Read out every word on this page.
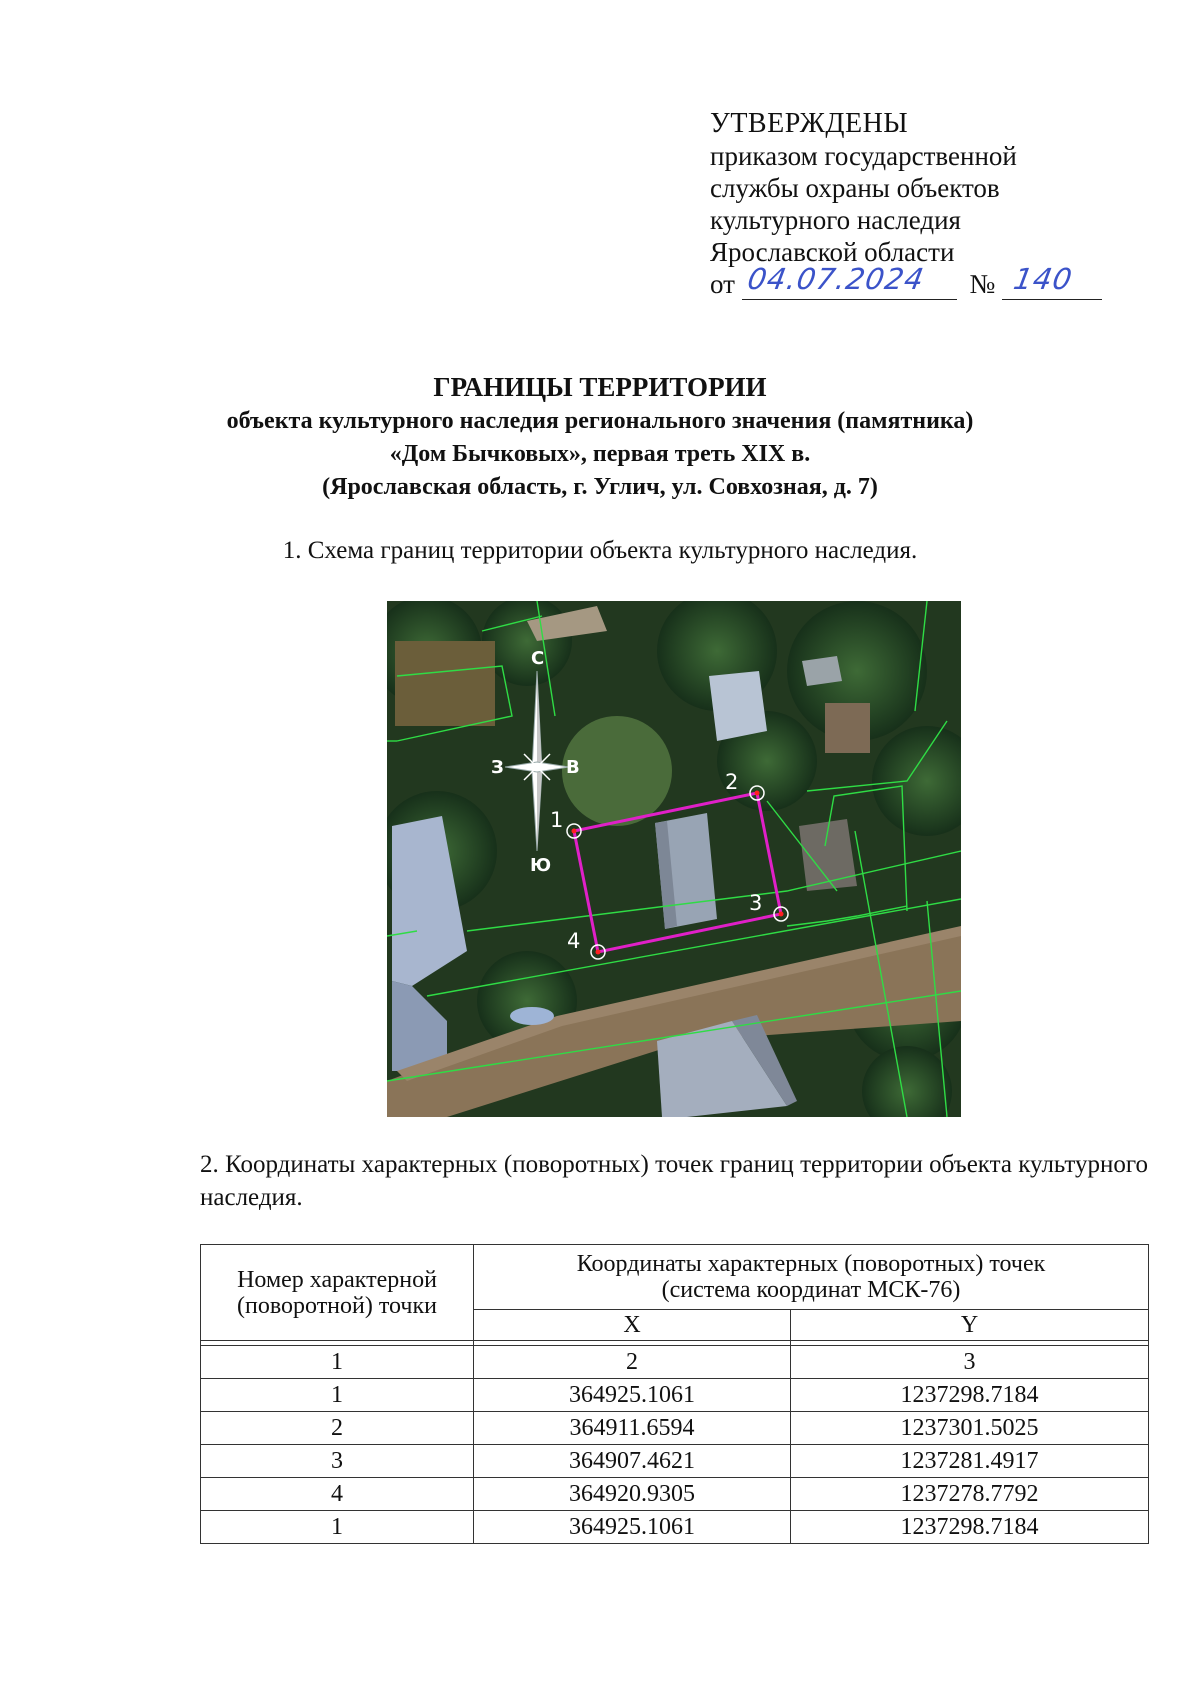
УТВЕРЖДЕНЫ
приказом государственной
службы охраны объектов
культурного наследия
Ярославской области
от 04.07.2024 № 140
ГРАНИЦЫ ТЕРРИТОРИИ
объекта культурного наследия регионального значения (памятника)
«Дом Бычковых», первая треть XIX в.
(Ярославская область, г. Углич, ул. Совхозная, д. 7)
1. Схема границ территории объекта культурного наследия.
С
Ю
З	В
1
2
3
4
2. Координаты характерных (поворотных) точек границ территории объекта культурного наследия.
Номер характерной (поворотной) точки	Координаты характерных (поворотных) точек
(система координат МСК-76)	

	X	Y

1	2	3
1	364925.1061	1237298.7184
2	364911.6594	1237301.5025
3	364907.4621	1237281.4917
4	364920.9305	1237278.7792
1	364925.1061	1237298.7184
